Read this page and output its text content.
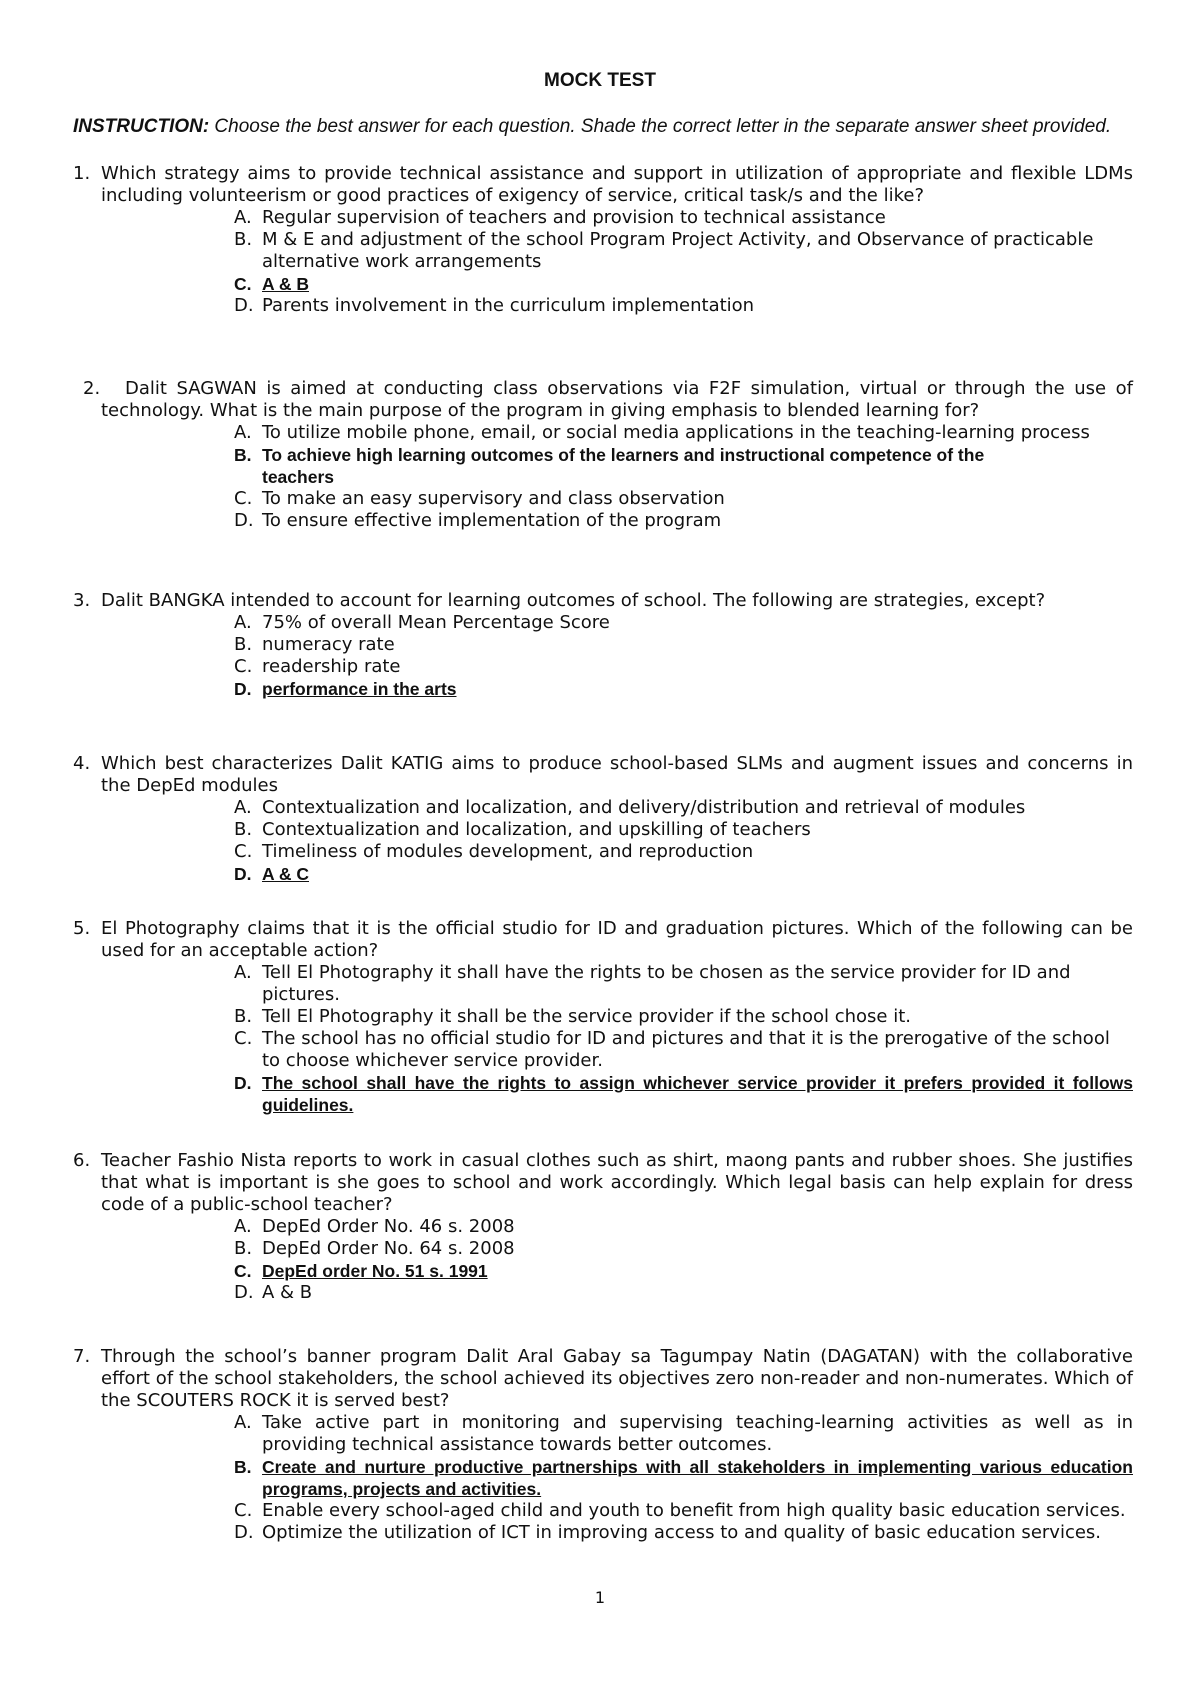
MOCK TEST
INSTRUCTION: Choose the best answer for each question. Shade the correct letter in the separate answer sheet provided.
1. Which strategy aims to provide technical assistance and support in utilization of appropriate and flexible LDMs including volunteerism or good practices of exigency of service, critical task/s and the like?
A. Regular supervision of teachers and provision to technical assistance
B. M & E and adjustment of the school Program Project Activity, and Observance of practicable alternative work arrangements
C. A & B
D. Parents involvement in the curriculum implementation
2. Dalit SAGWAN is aimed at conducting class observations via F2F simulation, virtual or through the use of technology. What is the main purpose of the program in giving emphasis to blended learning for?
A. To utilize mobile phone, email, or social media applications in the teaching-learning process
B. To achieve high learning outcomes of the learners and instructional competence of the teachers
C. To make an easy supervisory and class observation
D. To ensure effective implementation of the program
3. Dalit BANGKA intended to account for learning outcomes of school. The following are strategies, except?
A. 75% of overall Mean Percentage Score
B. numeracy rate
C. readership rate
D. performance in the arts
4. Which best characterizes Dalit KATIG aims to produce school-based SLMs and augment issues and concerns in the DepEd modules
A. Contextualization and localization, and delivery/distribution and retrieval of modules
B. Contextualization and localization, and upskilling of teachers
C. Timeliness of modules development, and reproduction
D. A & C
5. El Photography claims that it is the official studio for ID and graduation pictures. Which of the following can be used for an acceptable action?
A. Tell El Photography it shall have the rights to be chosen as the service provider for ID and pictures.
B. Tell El Photography it shall be the service provider if the school chose it.
C. The school has no official studio for ID and pictures and that it is the prerogative of the school to choose whichever service provider.
D. The school shall have the rights to assign whichever service provider it prefers provided it follows guidelines.
6. Teacher Fashio Nista reports to work in casual clothes such as shirt, maong pants and rubber shoes. She justifies that what is important is she goes to school and work accordingly. Which legal basis can help explain for dress code of a public-school teacher?
A. DepEd Order No. 46 s. 2008
B. DepEd Order No. 64 s. 2008
C. DepEd order No. 51 s. 1991
D. A & B
7. Through the school’s banner program Dalit Aral Gabay sa Tagumpay Natin (DAGATAN) with the collaborative effort of the school stakeholders, the school achieved its objectives zero non-reader and non-numerates. Which of the SCOUTERS ROCK it is served best?
A. Take active part in monitoring and supervising teaching-learning activities as well as in providing technical assistance towards better outcomes.
B. Create and nurture productive partnerships with all stakeholders in implementing various education programs, projects and activities.
C. Enable every school-aged child and youth to benefit from high quality basic education services.
D. Optimize the utilization of ICT in improving access to and quality of basic education services.
1
